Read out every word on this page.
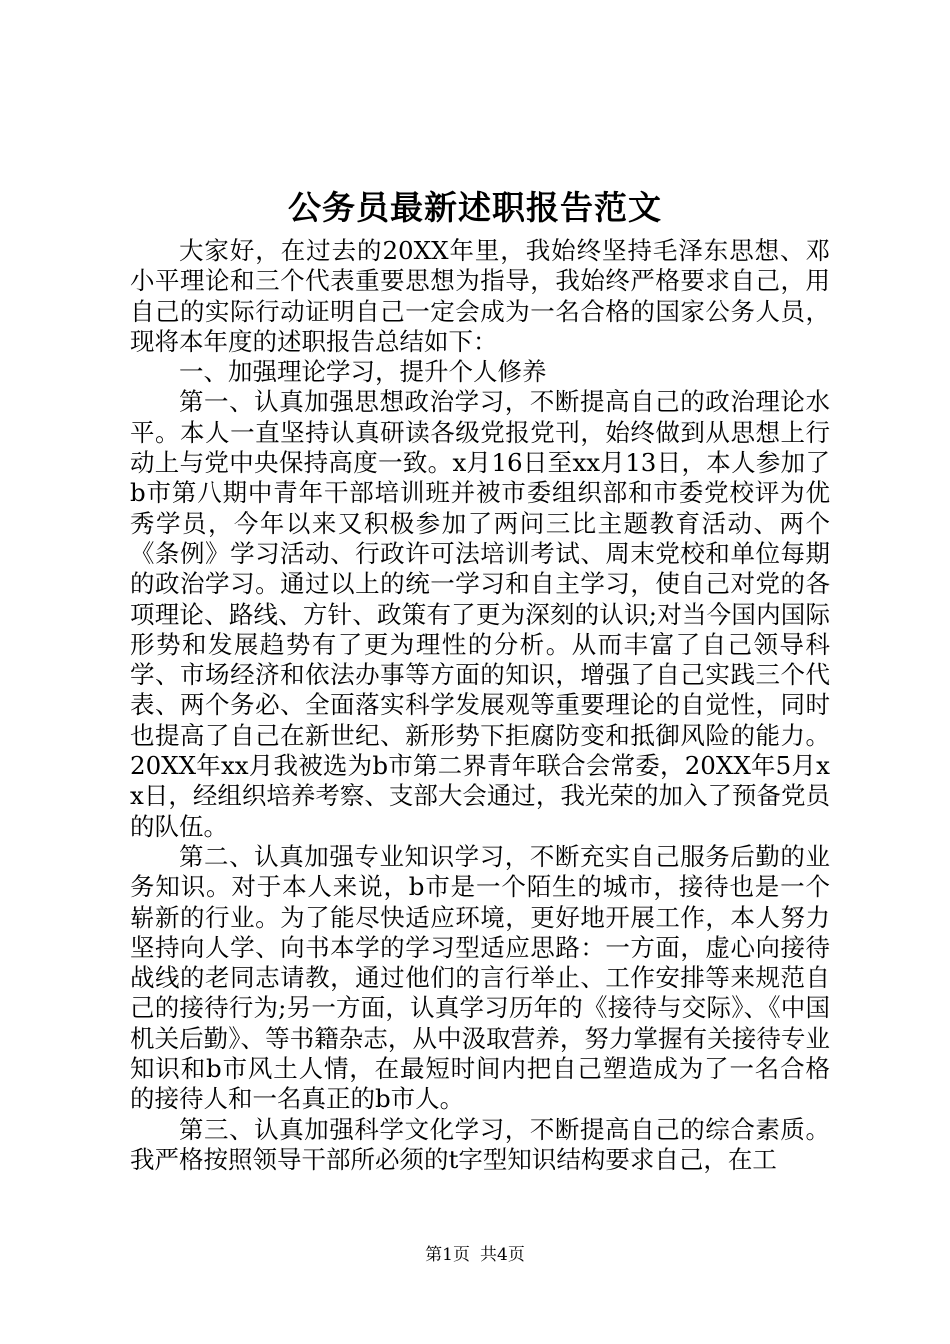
公务员最新述职报告范文

大家好，在过去的20XX年里，我始终坚持毛泽东思想、邓小平理论和三个代表重要思想为指导，我始终严格要求自己，用自己的实际行动证明自己一定会成为一名合格的国家公务人员，现将本年度的述职报告总结如下：

一、加强理论学习，提升个人修养

第一、认真加强思想政治学习，不断提高自己的政治理论水平。本人一直坚持认真研读各级党报党刊，始终做到从思想上行动上与党中央保持高度一致。x月16日至xx月13日，本人参加了b市第八期中青年干部培训班并被市委组织部和市委党校评为优秀学员，今年以来又积极参加了两问三比主题教育活动、两个《条例》学习活动、行政许可法培训考试、周末党校和单位每期的政治学习。通过以上的统一学习和自主学习，使自己对党的各项理论、路线、方针、政策有了更为深刻的认识;对当今国内国际形势和发展趋势有了更为理性的分析。从而丰富了自己领导科学、市场经济和依法办事等方面的知识，增强了自己实践三个代表、两个务必、全面落实科学发展观等重要理论的自觉性，同时也提高了自己在新世纪、新形势下拒腐防变和抵御风险的能力。20XX年xx月我被选为b市第二界青年联合会常委，20XX年5月xx日，经组织培养考察、支部大会通过，我光荣的加入了预备党员的队伍。

第二、认真加强专业知识学习，不断充实自己服务后勤的业务知识。对于本人来说，b市是一个陌生的城市，接待也是一个崭新的行业。为了能尽快适应环境，更好地开展工作，本人努力坚持向人学、向书本学的学习型适应思路：一方面，虚心向接待战线的老同志请教，通过他们的言行举止、工作安排等来规范自己的接待行为;另一方面，认真学习历年的《接待与交际》、《中国机关后勤》、等书籍杂志，从中汲取营养，努力掌握有关接待专业知识和b市风土人情，在最短时间内把自己塑造成为了一名合格的接待人和一名真正的b市人。

第三、认真加强科学文化学习，不断提高自己的综合素质。我严格按照领导干部所必须的t字型知识结构要求自己，在工

第1页 共4页
